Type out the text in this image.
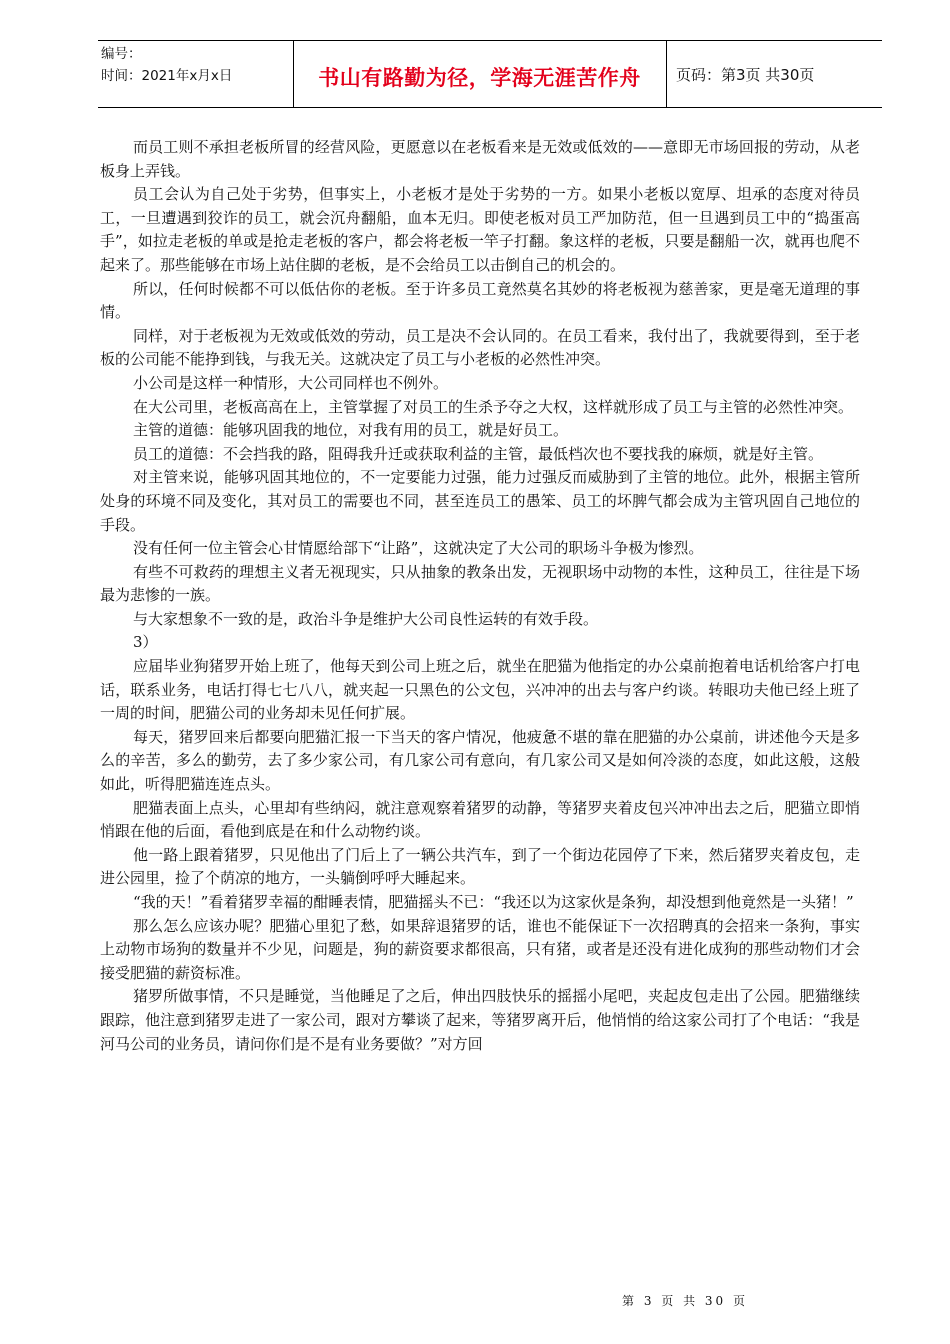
编号：
时间：2021年x月x日	书山有路勤为径，学海无涯苦作舟	页码：第3页 共30页

而员工则不承担老板所冒的经营风险，更愿意以在老板看来是无效或低效的——意即无市场回报的劳动，从老板身上弄钱。

员工会认为自己处于劣势，但事实上，小老板才是处于劣势的一方。如果小老板以宽厚、坦承的态度对待员工，一旦遭遇到狡诈的员工，就会沉舟翻船，血本无归。即使老板对员工严加防范，但一旦遇到员工中的“捣蛋高手”，如拉走老板的单或是抢走老板的客户，都会将老板一竿子打翻。象这样的老板，只要是翻船一次，就再也爬不起来了。那些能够在市场上站住脚的老板，是不会给员工以击倒自己的机会的。

所以，任何时候都不可以低估你的老板。至于许多员工竟然莫名其妙的将老板视为慈善家，更是毫无道理的事情。

同样，对于老板视为无效或低效的劳动，员工是决不会认同的。在员工看来，我付出了，我就要得到，至于老板的公司能不能挣到钱，与我无关。这就决定了员工与小老板的必然性冲突。

小公司是这样一种情形，大公司同样也不例外。

在大公司里，老板高高在上，主管掌握了对员工的生杀予夺之大权，这样就形成了员工与主管的必然性冲突。

主管的道德：能够巩固我的地位，对我有用的员工，就是好员工。

员工的道德：不会挡我的路，阻碍我升迁或获取利益的主管，最低档次也不要找我的麻烦，就是好主管。

对主管来说，能够巩固其地位的，不一定要能力过强，能力过强反而威胁到了主管的地位。此外，根据主管所处身的环境不同及变化，其对员工的需要也不同，甚至连员工的愚笨、员工的坏脾气都会成为主管巩固自己地位的手段。

没有任何一位主管会心甘情愿给部下“让路”，这就决定了大公司的职场斗争极为惨烈。

有些不可救药的理想主义者无视现实，只从抽象的教条出发，无视职场中动物的本性，这种员工，往往是下场最为悲惨的一族。

与大家想象不一致的是，政治斗争是维护大公司良性运转的有效手段。

3）

应届毕业狗猪罗开始上班了，他每天到公司上班之后，就坐在肥猫为他指定的办公桌前抱着电话机给客户打电话，联系业务，电话打得七七八八，就夹起一只黑色的公文包，兴冲冲的出去与客户约谈。转眼功夫他已经上班了一周的时间，肥猫公司的业务却未见任何扩展。

每天，猪罗回来后都要向肥猫汇报一下当天的客户情况，他疲惫不堪的靠在肥猫的办公桌前，讲述他今天是多么的辛苦，多么的勤劳，去了多少家公司，有几家公司有意向，有几家公司又是如何冷淡的态度，如此这般，这般如此，听得肥猫连连点头。

肥猫表面上点头，心里却有些纳闷，就注意观察着猪罗的动静，等猪罗夹着皮包兴冲冲出去之后，肥猫立即悄悄跟在他的后面，看他到底是在和什么动物约谈。

他一路上跟着猪罗，只见他出了门后上了一辆公共汽车，到了一个街边花园停了下来，然后猪罗夹着皮包，走进公园里，捡了个荫凉的地方，一头躺倒呼呼大睡起来。

“我的天！”看着猪罗幸福的酣睡表情，肥猫摇头不已：“我还以为这家伙是条狗，却没想到他竟然是一头猪！”

那么怎么应该办呢？肥猫心里犯了愁，如果辞退猪罗的话，谁也不能保证下一次招聘真的会招来一条狗，事实上动物市场狗的数量并不少见，问题是，狗的薪资要求都很高，只有猪，或者是还没有进化成狗的那些动物们才会接受肥猫的薪资标准。

猪罗所做事情，不只是睡觉，当他睡足了之后，伸出四肢快乐的摇摇小尾吧，夹起皮包走出了公园。肥猫继续跟踪，他注意到猪罗走进了一家公司，跟对方攀谈了起来，等猪罗离开后，他悄悄的给这家公司打了个电话：“我是河马公司的业务员，请问你们是不是有业务要做？”对方回

第 3 页 共 30 页
